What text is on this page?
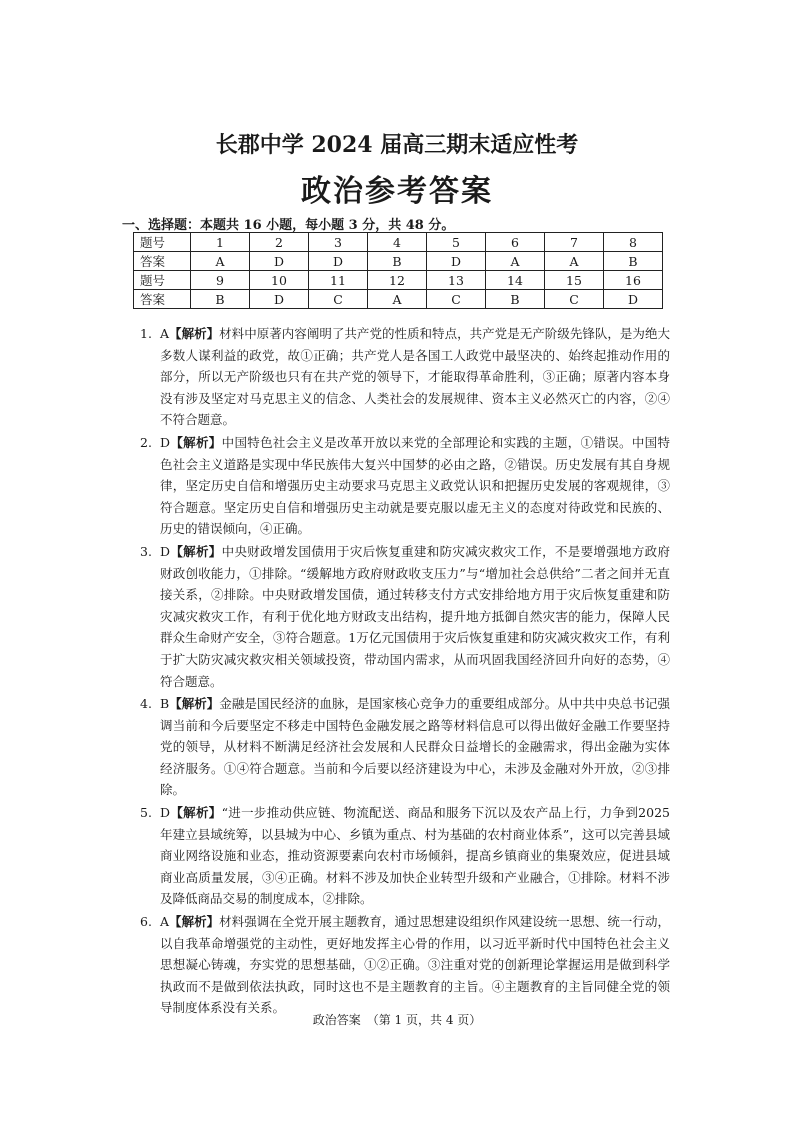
长郡中学 2024 届高三期末适应性考
政治参考答案
一、选择题：本题共 16 小题，每小题 3 分，共 48 分。
题号	1	2	3	4	5	6	7	8
答案	A	D	D	B	D	A	A	B
题号	9	10	11	12	13	14	15	16
答案	B	D	C	A	C	B	C	D
1. A【解析】材料中原著内容阐明了共产党的性质和特点，共产党是无产阶级先锋队，是为绝大多数人谋利益的政党，故①正确；共产党人是各国工人政党中最坚决的、始终起推动作用的部分，所以无产阶级也只有在共产党的领导下，才能取得革命胜利，③正确；原著内容本身没有涉及坚定对马克思主义的信念、人类社会的发展规律、资本主义必然灭亡的内容，②④不符合题意。
2. D【解析】中国特色社会主义是改革开放以来党的全部理论和实践的主题，①错误。中国特色社会主义道路是实现中华民族伟大复兴中国梦的必由之路，②错误。历史发展有其自身规律，坚定历史自信和增强历史主动要求马克思主义政党认识和把握历史发展的客观规律，③符合题意。坚定历史自信和增强历史主动就是要克服以虚无主义的态度对待政党和民族的、历史的错误倾向，④正确。
3. D【解析】中央财政增发国债用于灾后恢复重建和防灾减灾救灾工作，不是要增强地方政府财政创收能力，①排除。“缓解地方政府财政收支压力”与“增加社会总供给”二者之间并无直接关系，②排除。中央财政增发国债，通过转移支付方式安排给地方用于灾后恢复重建和防灾减灾救灾工作，有利于优化地方财政支出结构，提升地方抵御自然灾害的能力，保障人民群众生命财产安全，③符合题意。1万亿元国债用于灾后恢复重建和防灾减灾救灾工作，有利于扩大防灾减灾救灾相关领域投资，带动国内需求，从而巩固我国经济回升向好的态势，④符合题意。
4. B【解析】金融是国民经济的血脉，是国家核心竞争力的重要组成部分。从中共中央总书记强调当前和今后要坚定不移走中国特色金融发展之路等材料信息可以得出做好金融工作要坚持党的领导，从材料不断满足经济社会发展和人民群众日益增长的金融需求，得出金融为实体经济服务。①④符合题意。当前和今后要以经济建设为中心，未涉及金融对外开放，②③排除。
5. D【解析】“进一步推动供应链、物流配送、商品和服务下沉以及农产品上行，力争到2025年建立县域统筹，以县城为中心、乡镇为重点、村为基础的农村商业体系”，这可以完善县域商业网络设施和业态，推动资源要素向农村市场倾斜，提高乡镇商业的集聚效应，促进县域商业高质量发展，③④正确。材料不涉及加快企业转型升级和产业融合，①排除。材料不涉及降低商品交易的制度成本，②排除。
6. A【解析】材料强调在全党开展主题教育，通过思想建设组织作风建设统一思想、统一行动，以自我革命增强党的主动性，更好地发挥主心骨的作用，以习近平新时代中国特色社会主义思想凝心铸魂，夯实党的思想基础，①②正确。③注重对党的创新理论掌握运用是做到科学执政而不是做到依法执政，同时这也不是主题教育的主旨。④主题教育的主旨同健全党的领导制度体系没有关系。
政治答案　（第 1 页，共 4 页）
